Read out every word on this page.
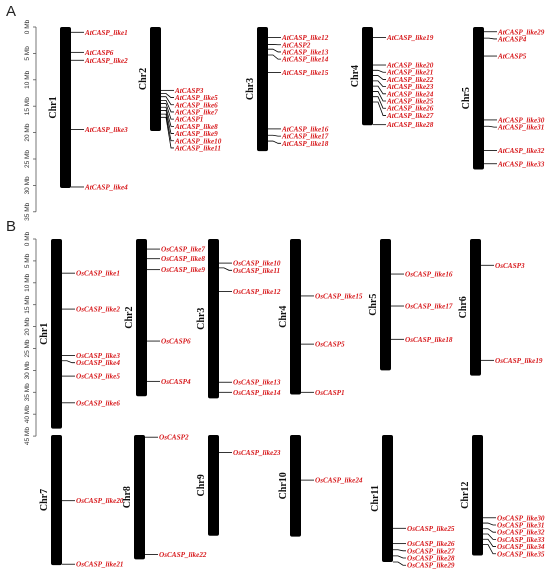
A
B
0 Mb
5 Mb
10 Mb
15 Mb
20 Mb
25 Mb
30 Mb
35 Mb
0 Mb
5 Mb
10 Mb
15 Mb
20 Mb
25 Mb
30 Mb
35 Mb
40 Mb
45 Mb
Chr1
AtCASP_like1
AtCASP6
AtCASP_like2
AtCASP_like3
AtCASP_like4
Chr2
AtCASP3
AtCASP_like5
AtCASP_like6
AtCASP_like7
AtCASP1
AtCASP_like8
AtCASP_like9
AtCASP_like10
AtCASP_like11
Chr3
AtCASP_like12
AtCASP2
AtCASP_like13
AtCASP_like14
AtCASP_like15
AtCASP_like16
AtCASP_like17
AtCASP_like18
Chr4
AtCASP_like19
AtCASP_like20
AtCASP_like21
AtCASP_like22
AtCASP_like23
AtCASP_like24
AtCASP_like25
AtCASP_like26
AtCASP_like27
AtCASP_like28
Chr5
AtCASP_like29
AtCASP4
AtCASP5
AtCASP_like30
AtCASP_like31
AtCASP_like32
AtCASP_like33
Chr1
OsCASP_like1
OsCASP_like2
OsCASP_like3
OsCASP_like4
OsCASP_like5
OsCASP_like6
Chr2
OsCASP_like7
OsCASP_like8
OsCASP_like9
OsCASP6
OsCASP4
Chr3
OsCASP_like10
OsCASP_like11
OsCASP_like12
OsCASP_like13
OsCASP_like14
Chr4
OsCASP_like15
OsCASP5
OsCASP1
Chr5
OsCASP_like16
OsCASP_like17
OsCASP_like18
Chr6
OsCASP3
OsCASP_like19
Chr7	OsCASP_like20
OsCASP_like21
Chr8
OsCASP2
OsCASP_like22
Chr9
OsCASP_like23
Chr10	OsCASP_like24
Chr11
OsCASP_like25
OsCASP_like26
OsCASP_like27
OsCASP_like28
OsCASP_like29
Chr12
OsCASP_like30
OsCASP_like31
OsCASP_like32
OsCASP_like33
OsCASP_like34
OsCASP_like35
